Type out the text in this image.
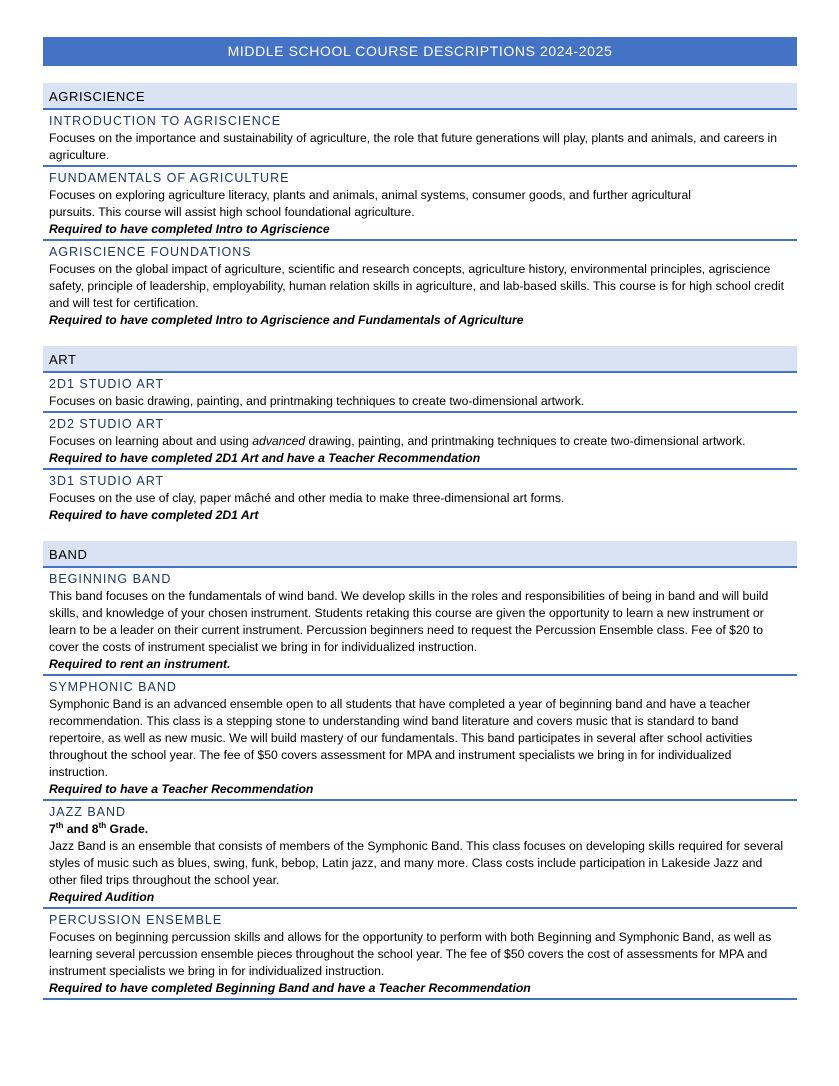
MIDDLE SCHOOL COURSE DESCRIPTIONS 2024-2025
AGRISCIENCE
INTRODUCTION TO AGRISCIENCE
Focuses on the importance and sustainability of agriculture, the role that future generations will play, plants and animals, and careers in agriculture.
FUNDAMENTALS OF AGRICULTURE
Focuses on exploring agriculture literacy, plants and animals, animal systems, consumer goods, and further agricultural pursuits. This course will assist high school foundational agriculture.
Required to have completed Intro to Agriscience
AGRISCIENCE FOUNDATIONS
Focuses on the global impact of agriculture, scientific and research concepts, agriculture history, environmental principles, agriscience safety, principle of leadership, employability, human relation skills in agriculture, and lab-based skills. This course is for high school credit and will test for certification.
Required to have completed Intro to Agriscience and Fundamentals of Agriculture
ART
2D1 STUDIO ART
Focuses on basic drawing, painting, and printmaking techniques to create two-dimensional artwork.
2D2 STUDIO ART
Focuses on learning about and using advanced drawing, painting, and printmaking techniques to create two-dimensional artwork.
Required to have completed 2D1 Art and have a Teacher Recommendation
3D1 STUDIO ART
Focuses on the use of clay, paper mâché and other media to make three-dimensional art forms.
Required to have completed 2D1 Art
BAND
BEGINNING BAND
This band focuses on the fundamentals of wind band. We develop skills in the roles and responsibilities of being in band and will build skills, and knowledge of your chosen instrument. Students retaking this course are given the opportunity to learn a new instrument or learn to be a leader on their current instrument. Percussion beginners need to request the Percussion Ensemble class. Fee of $20 to cover the costs of instrument specialist we bring in for individualized instruction.
Required to rent an instrument.
SYMPHONIC BAND
Symphonic Band is an advanced ensemble open to all students that have completed a year of beginning band and have a teacher recommendation. This class is a stepping stone to understanding wind band literature and covers music that is standard to band repertoire, as well as new music. We will build mastery of our fundamentals. This band participates in several after school activities throughout the school year. The fee of $50 covers assessment for MPA and instrument specialists we bring in for individualized instruction.
Required to have a Teacher Recommendation
JAZZ BAND
7th and 8th Grade.
Jazz Band is an ensemble that consists of members of the Symphonic Band. This class focuses on developing skills required for several styles of music such as blues, swing, funk, bebop, Latin jazz, and many more. Class costs include participation in Lakeside Jazz and other filed trips throughout the school year.
Required Audition
PERCUSSION ENSEMBLE
Focuses on beginning percussion skills and allows for the opportunity to perform with both Beginning and Symphonic Band, as well as learning several percussion ensemble pieces throughout the school year. The fee of $50 covers the cost of assessments for MPA and instrument specialists we bring in for individualized instruction.
Required to have completed Beginning Band and have a Teacher Recommendation
